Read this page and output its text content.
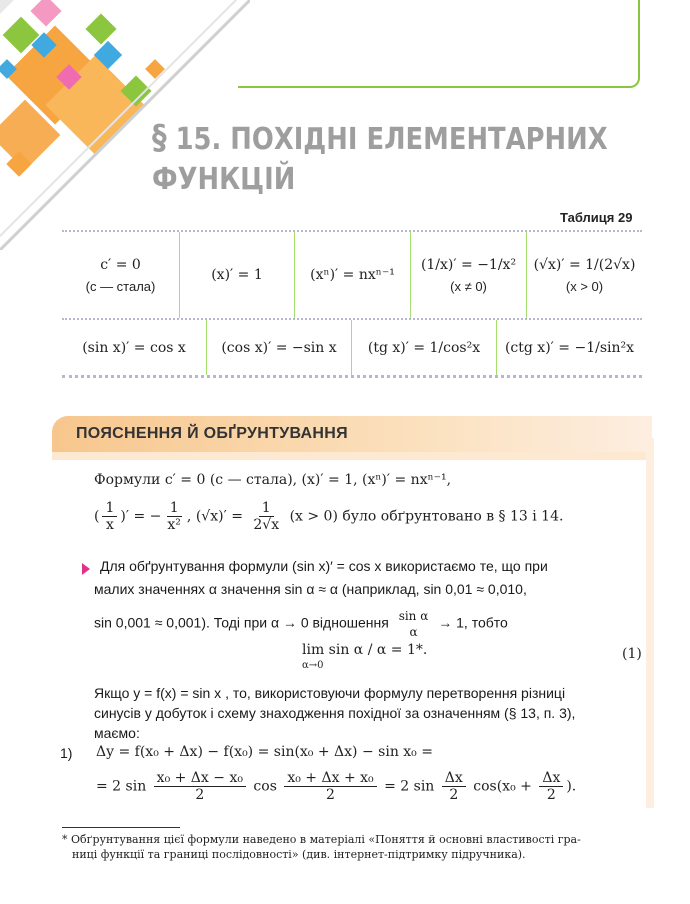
§ 15. ПОХІДНІ ЕЛЕМЕНТАРНИХ
ФУНКЦІЙ
Таблиця 29
c′ = 0
(c — стала)
(x)′ = 1	(xⁿ)′ = nxⁿ⁻¹
(1/x)′ = −1/x²
(x ≠ 0)
(√x)′ = 1/(2√x)
(x > 0)
(sin x)′ = cos x	(cos x)′ = −sin x (tg x)′ = 1/cos²x (ctg x)′ = −1/sin²x
ПОЯСНЕННЯ Й ОБҐРУНТУВАННЯ
Формули c′ = 0 (c — стала), (x)′ = 1, (xⁿ)′ = nxⁿ⁻¹,
( $\frac{1}{x}$ )′ = − $\frac{1}{\text{x²}}$ , $(√x)' = \frac{1}{2√x} (x > 0)$ було обґрунтовано в § 13 і 14.
Для обґрунтування формули (sin x)′ = cos x використаємо те, що при
малих значеннях α значення sin α ≈ α (наприклад, sin 0,01 ≈ 0,010,
sin 0,001 ≈ 0,001). Тоді при α → 0 відношення sin α
α
→ 1, тобто
lim sin α / α = 1*.
α→0
(1)
Якщо y = f(x) = sin x , то, використовуючи формулу перетворення різниці
синусів у добуток і схему знаходження похідної за означенням (§ 13, п. 3),
маємо:
1) Δy = f(x₀ + Δx) − f(x₀) = sin(x₀ + Δx) − sin x₀ =
= 2 $\sin \frac{\text{x₀ + Δx − x₀}}{2}$ $\cos \frac{\text{x₀ + Δx + x₀}}{2} = 2$ $\sin \frac{\Delta x}{2} \cos(x_0 + \frac{\Delta x}{2}$ ).
* Обґрунтування цієї формули наведено в матеріалі «Поняття й основні властивості гра-
ниці функції та границі послідовності» (див. інтернет-підтримку підручника).
